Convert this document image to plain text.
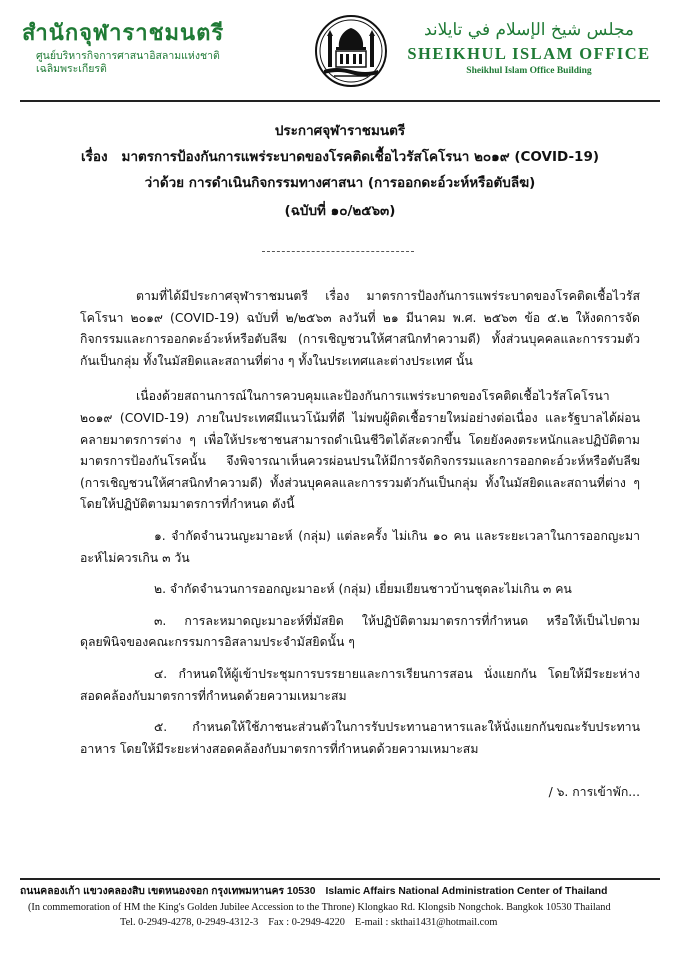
สำนักจุฬาราชมนตรี
ศูนย์บริหารกิจการศาสนาอิสลามแห่งชาติ
เฉลิมพระเกียรติ
مجلس شيخ الإسلام في تايلاند
SHEIKHUL ISLAM OFFICE
Sheikhul Islam Office Building
ประกาศจุฬาราชมนตรี
เรื่อง มาตรการป้องกันการแพร่ระบาดของโรคติดเชื้อไวรัสโคโรนา ๒๐๑๙ (COVID-19)
ว่าด้วย การดำเนินกิจกรรมทางศาสนา (การออกดะอ์วะห์หรือตับลีฆ)
(ฉบับที่ ๑๐/๒๕๖๓)

ตามที่ได้มีประกาศจุฬาราชมนตรี เรื่อง มาตรการป้องกันการแพร่ระบาดของโรคติดเชื้อไวรัสโคโรนา ๒๐๑๙ (COVID-19) ฉบับที่ ๒/๒๕๖๓ ลงวันที่ ๒๑ มีนาคม พ.ศ. ๒๕๖๓ ข้อ ๕.๒ ให้งดการจัดกิจกรรมและการออกดะอ์วะห์หรือตับลีฆ (การเชิญชวนให้ศาสนิกทำความดี) ทั้งส่วนบุคคลและการรวมตัวกันเป็นกลุ่ม ทั้งในมัสยิดและสถานที่ต่าง ๆ ทั้งในประเทศและต่างประเทศ นั้น

เนื่องด้วยสถานการณ์ในการควบคุมและป้องกันการแพร่ระบาดของโรคติดเชื้อไวรัสโคโรนา ๒๐๑๙ (COVID-19) ภายในประเทศมีแนวโน้มที่ดี ไม่พบผู้ติดเชื้อรายใหม่อย่างต่อเนื่อง และรัฐบาลได้ผ่อนคลายมาตรการต่าง ๆ เพื่อให้ประชาชนสามารถดำเนินชีวิตได้สะดวกขึ้น โดยยังคงตระหนักและปฏิบัติตามมาตรการป้องกันโรคนั้น จึงพิจารณาเห็นควรผ่อนปรนให้มีการจัดกิจกรรมและการออกดะอ์วะห์หรือตับลีฆ (การเชิญชวนให้ศาสนิกทำความดี) ทั้งส่วนบุคคลและการรวมตัวกันเป็นกลุ่ม ทั้งในมัสยิดและสถานที่ต่าง ๆ โดยให้ปฏิบัติตามมาตรการที่กำหนด ดังนี้

๑. จำกัดจำนวนญะมาอะห์ (กลุ่ม) แต่ละครั้ง ไม่เกิน ๑๐ คน และระยะเวลาในการออกญะมาอะห์ไม่ควรเกิน ๓ วัน

๒. จำกัดจำนวนการออกญะมาอะห์ (กลุ่ม) เยี่ยมเยียนชาวบ้านชุดละไม่เกิน ๓ คน

๓. การละหมาดญะมาอะห์ที่มัสยิด ให้ปฏิบัติตามมาตรการที่กำหนด หรือให้เป็นไปตามดุลยพินิจของคณะกรรมการอิสลามประจำมัสยิดนั้น ๆ

๔. กำหนดให้ผู้เข้าประชุมการบรรยายและการเรียนการสอน นั่งแยกกัน โดยให้มีระยะห่างสอดคล้องกับมาตรการที่กำหนดด้วยความเหมาะสม

๕. กำหนดให้ใช้ภาชนะส่วนตัวในการรับประทานอาหารและให้นั่งแยกกันขณะรับประทานอาหาร โดยให้มีระยะห่างสอดคล้องกับมาตรการที่กำหนดด้วยความเหมาะสม

/ ๖. การเข้าพัก...

ถนนคลองเก้า แขวงคลองสิบ เขตหนองจอก กรุงเทพมหานคร 10530 Islamic Affairs National Administration Center of Thailand
(In commemoration of HM the King's Golden Jubilee Accession to the Throne) Klongkao Rd. Klongsib Nongchok. Bangkok 10530 Thailand
Tel. 0-2949-4278, 0-2949-4312-3 Fax : 0-2949-4220 E-mail : skthai1431@hotmail.com
